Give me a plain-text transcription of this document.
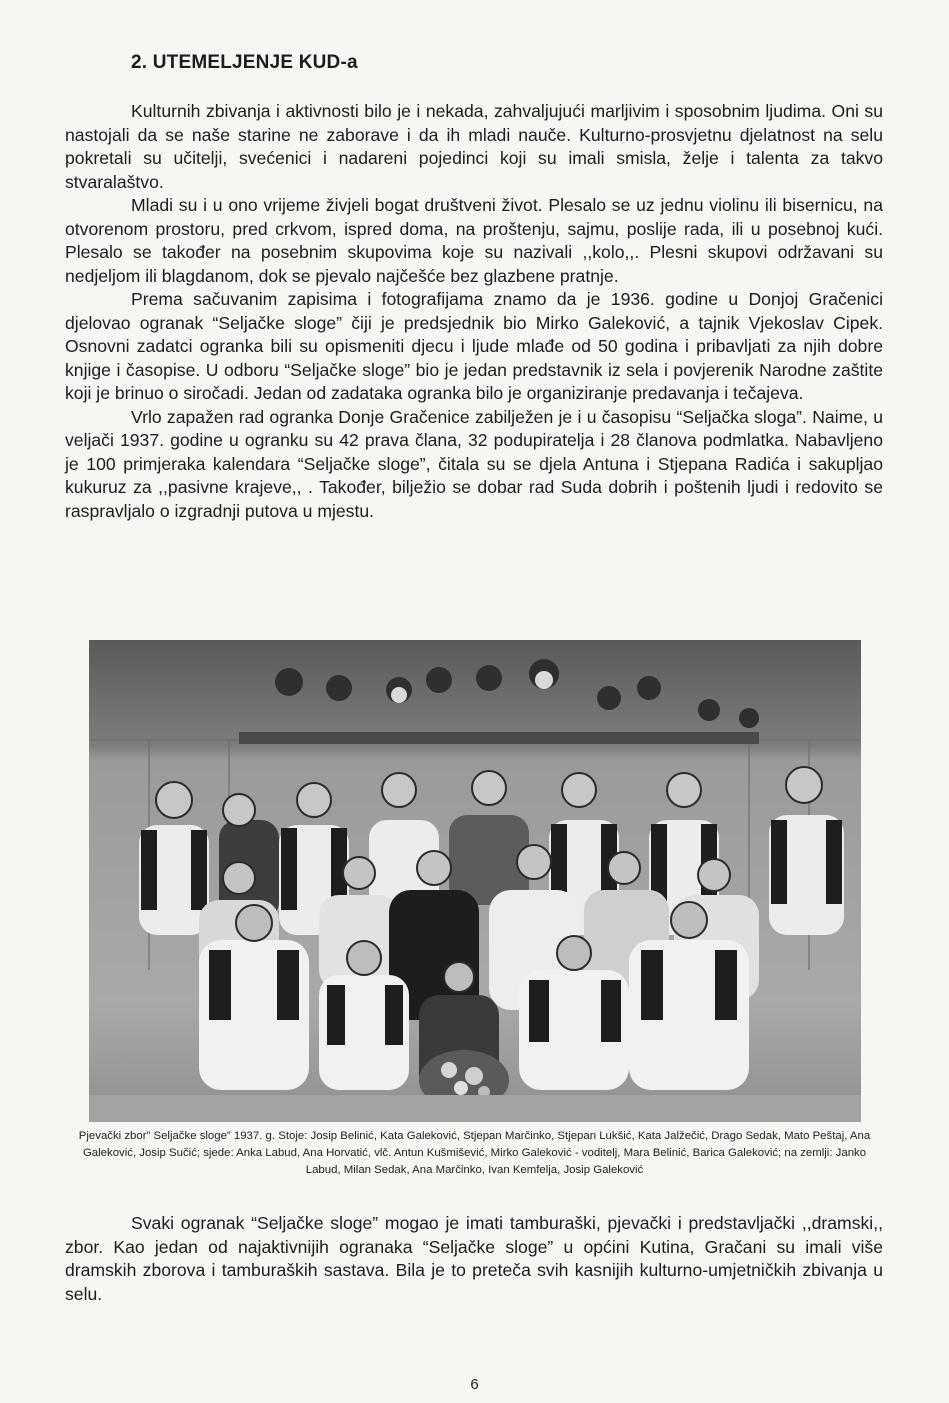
2. UTEMELJENJE KUD-a

Kulturnih zbivanja i aktivnosti bilo je i nekada, zahvaljujući marljivim i sposobnim ljudima. Oni su nastojali da se naše starine ne zaborave i da ih mladi nauče. Kulturno-prosvjetnu djelatnost na selu pokretali su učitelji, svećenici i nadareni pojedinci koji su imali smisla, želje i talenta za takvo stvaralaštvo.

Mladi su i u ono vrijeme živjeli bogat društveni život. Plesalo se uz jednu violinu ili bisernicu, na otvorenom prostoru, pred crkvom, ispred doma, na proštenju, sajmu, poslije rada, ili u posebnoj kući. Plesalo se također na posebnim skupovima koje su nazivali ,,kolo,,. Plesni skupovi održavani su nedjeljom ili blagdanom, dok se pjevalo najčešće bez glazbene pratnje.

Prema sačuvanim zapisima i fotografijama znamo da je 1936. godine u Donjoj Gračenici djelovao ogranak “Seljačke sloge” čiji je predsjednik bio Mirko Galeković, a tajnik Vjekoslav Cipek. Osnovni zadatci ogranka bili su opismeniti djecu i ljude mlađe od 50 godina i pribavljati za njih dobre knjige i časopise. U odboru “Seljačke sloge” bio je jedan predstavnik iz sela i povjerenik Narodne zaštite koji je brinuo o siročadi. Jedan od zadataka ogranka bilo je organiziranje predavanja i tečajeva.

Vrlo zapažen rad ogranka Donje Gračenice zabilježen je i u časopisu “Seljačka sloga”. Naime, u veljači 1937. godine u ogranku su 42 prava člana, 32 podupiratelja i 28 članova podmlatka. Nabavljeno je 100 primjeraka kalendara “Seljačke sloge”, čitala su se djela Antuna i Stjepana Radića i sakupljao kukuruz za ,,pasivne krajeve,, . Također, bilježio se dobar rad Suda dobrih i poštenih ljudi i redovito se raspravljalo o izgradnji putova u mjestu.

Pjevački zbor” Seljačke sloge” 1937. g. Stoje: Josip Belinić, Kata Galeković, Stjepan Marčinko, Stjepan Lukšić, Kata Jalžečić, Drago Sedak, Mato Peštaj, Ana Galeković, Josip Sučić; sjede: Anka Labud, Ana Horvatić, vlč. Antun Kušmišević, Mirko Galeković - voditelj, Mara Belinić, Barica Galeković; na zemlji: Janko Labud, Milan Sedak, Ana Marčinko, Ivan Kemfelja, Josip Galeković

Svaki ogranak “Seljačke sloge” mogao je imati tamburaški, pjevački i predstavljački ,,dramski,, zbor. Kao jedan od najaktivnijih ogranaka “Seljačke sloge” u općini Kutina, Gračani su imali više dramskih zborova i tamburaških sastava. Bila je to preteča svih kasnijih kulturno-umjetničkih zbivanja u selu.

6
